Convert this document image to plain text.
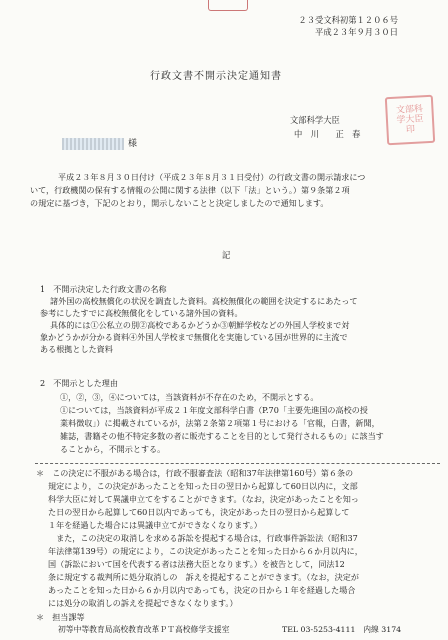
２３受文科初第１２０６号
平成２３年９月３０日
行政文書不開示決定通知書
様
文部科学大臣
中　川　　正　春
文部科学大臣印
平成２３年８月３０日付け（平成２３年８月３１日受付）の行政文書の開示請求につ
いて，行政機関の保有する情報の公開に関する法律（以下「法」という。）第９条第２項
の規定に基づき，下記のとおり，開示しないことと決定しましたので通知します。
記
1　不開示決定した行政文書の名称
諸外国の高校無償化の状況を調査した資料。高校無償化の範囲を決定するにあたって
参考にしたすでに高校無償化をしている諸外国の資料。
具体的には①公私立の別②高校であるかどうか③朝鮮学校などの外国人学校まで対
象かどうかが分かる資料④外国人学校まで無償化を実施している国が世界的に主流で
ある根拠とした資料
2　不開示とした理由
①，②，③，④については，当該資料が不存在のため，不開示とする。
①については，当該資料が平成２１年度文部科学白書（P.70「主要先進国の高校の授
業料徴収」）に掲載されているが，法第２条第２項第１号における「官報，白書，新聞，
雑誌，書籍その他不特定多数の者に販売することを目的として発行されるもの」に該当す
ることから，不開示とする。
＊　この決定に不服がある場合は，行政不服審査法（昭和37年法律第160号）第６条の
規定により，この決定があったことを知った日の翌日から起算して60日以内に，文部
科学大臣に対して異議申立てをすることができます。（なお，決定があったことを知っ
た日の翌日から起算して60日以内であっても，決定があった日の翌日から起算して
１年を経過した場合には異議申立てができなくなります。）
　また，この決定の取消しを求める訴訟を提起する場合は，行政事件訴訟法（昭和37
年法律第139号）の規定により，この決定があったことを知った日から６か月以内に，
国（訴訟において国を代表する者は法務大臣となります。）を被告として，同法12
条に規定する裁判所に処分取消しの　訴えを提起することができます。（なお，決定が
あったことを知った日から６か月以内であっても，決定の日から１年を経過した場合
には処分の取消しの訴えを提起できなくなります。）
＊　担当課等
初等中等教育局高校教育改革ＰＴ高校修学支援室	TEL 03-5253-4111　内線 3174
